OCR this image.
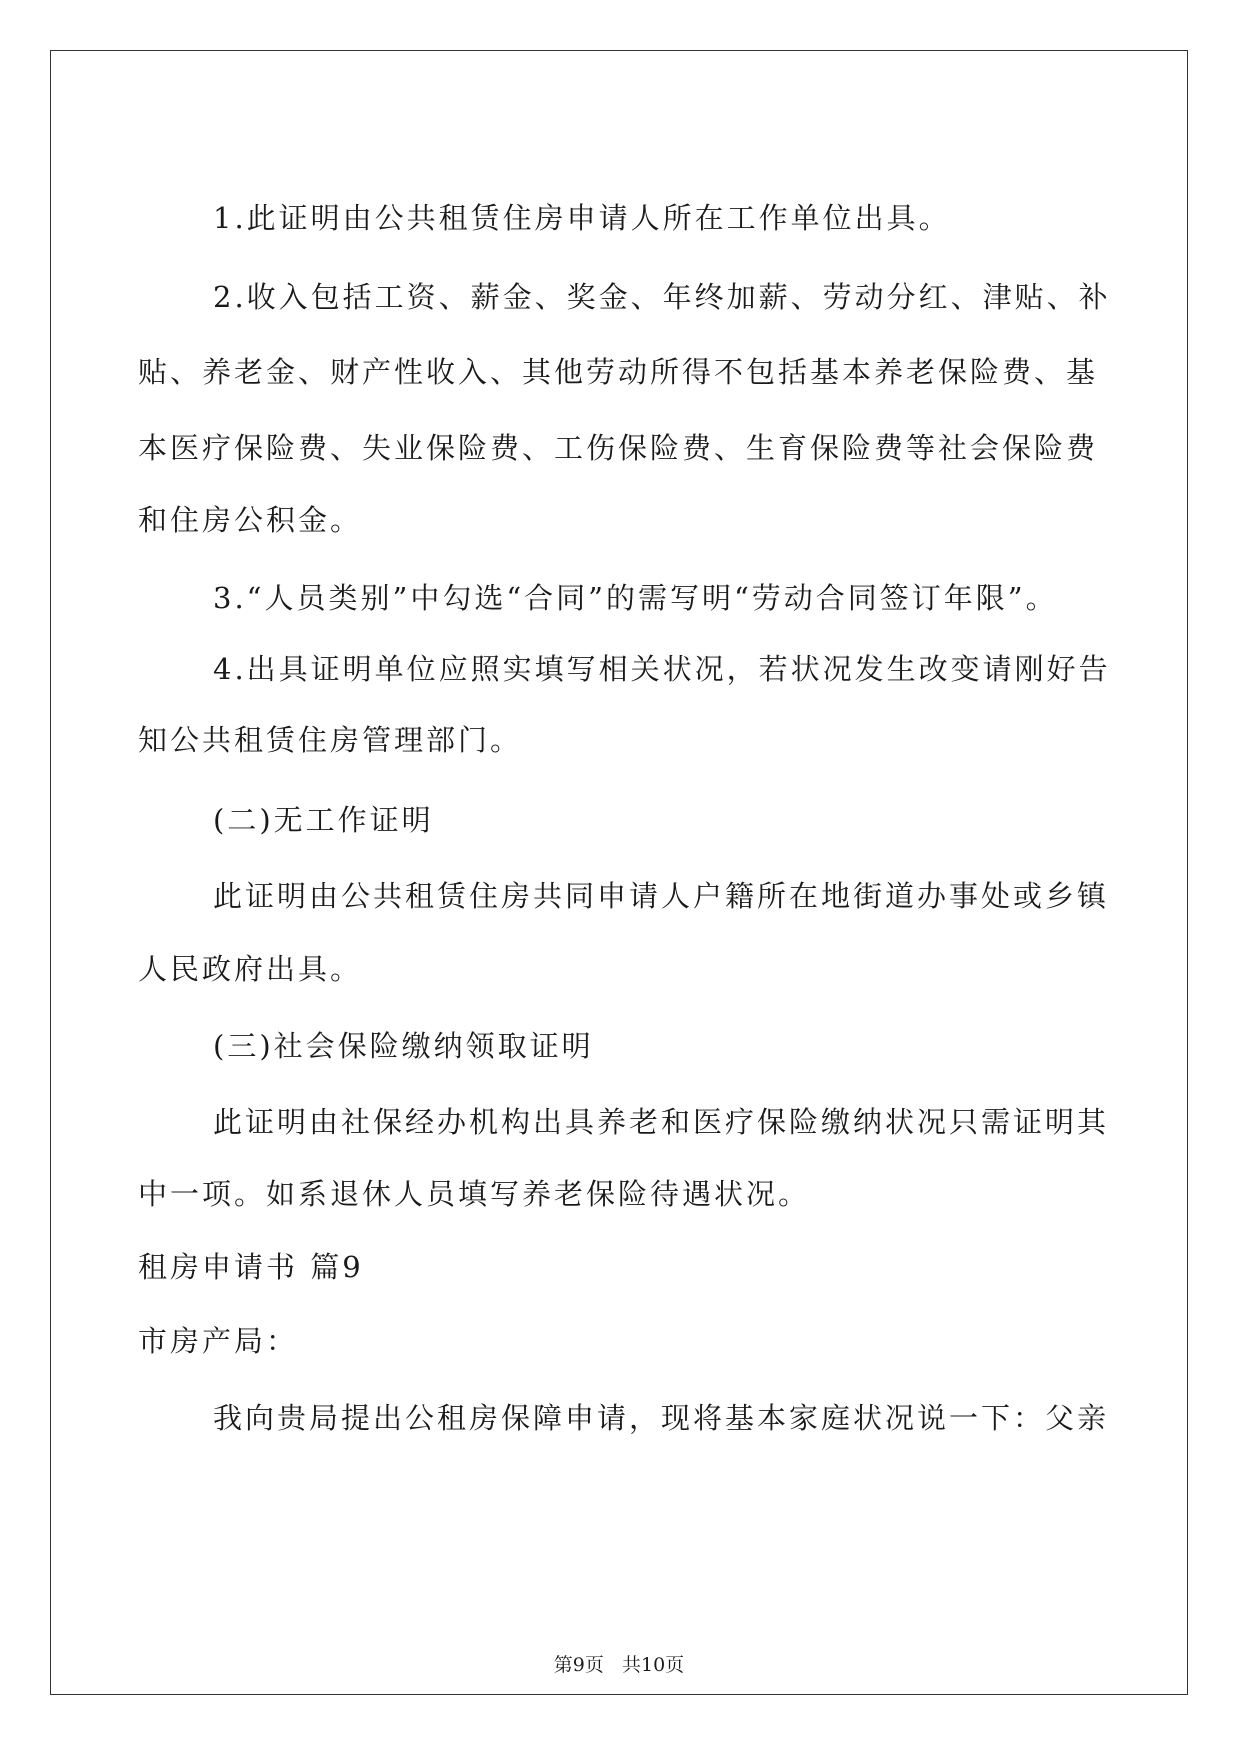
1.此证明由公共租赁住房申请人所在工作单位出具。
2.收入包括工资、薪金、奖金、年终加薪、劳动分红、津贴、补
贴、养老金、财产性收入、其他劳动所得不包括基本养老保险费、基
本医疗保险费、失业保险费、工伤保险费、生育保险费等社会保险费
和住房公积金。
3.“人员类别”中勾选“合同”的需写明“劳动合同签订年限”。
4.出具证明单位应照实填写相关状况，若状况发生改变请刚好告
知公共租赁住房管理部门。
(二)无工作证明
此证明由公共租赁住房共同申请人户籍所在地街道办事处或乡镇
人民政府出具。
(三)社会保险缴纳领取证明
此证明由社保经办机构出具养老和医疗保险缴纳状况只需证明其
中一项。如系退休人员填写养老保险待遇状况。
租房申请书 篇9
市房产局：
我向贵局提出公租房保障申请，现将基本家庭状况说一下：父亲
第9页   共10页
